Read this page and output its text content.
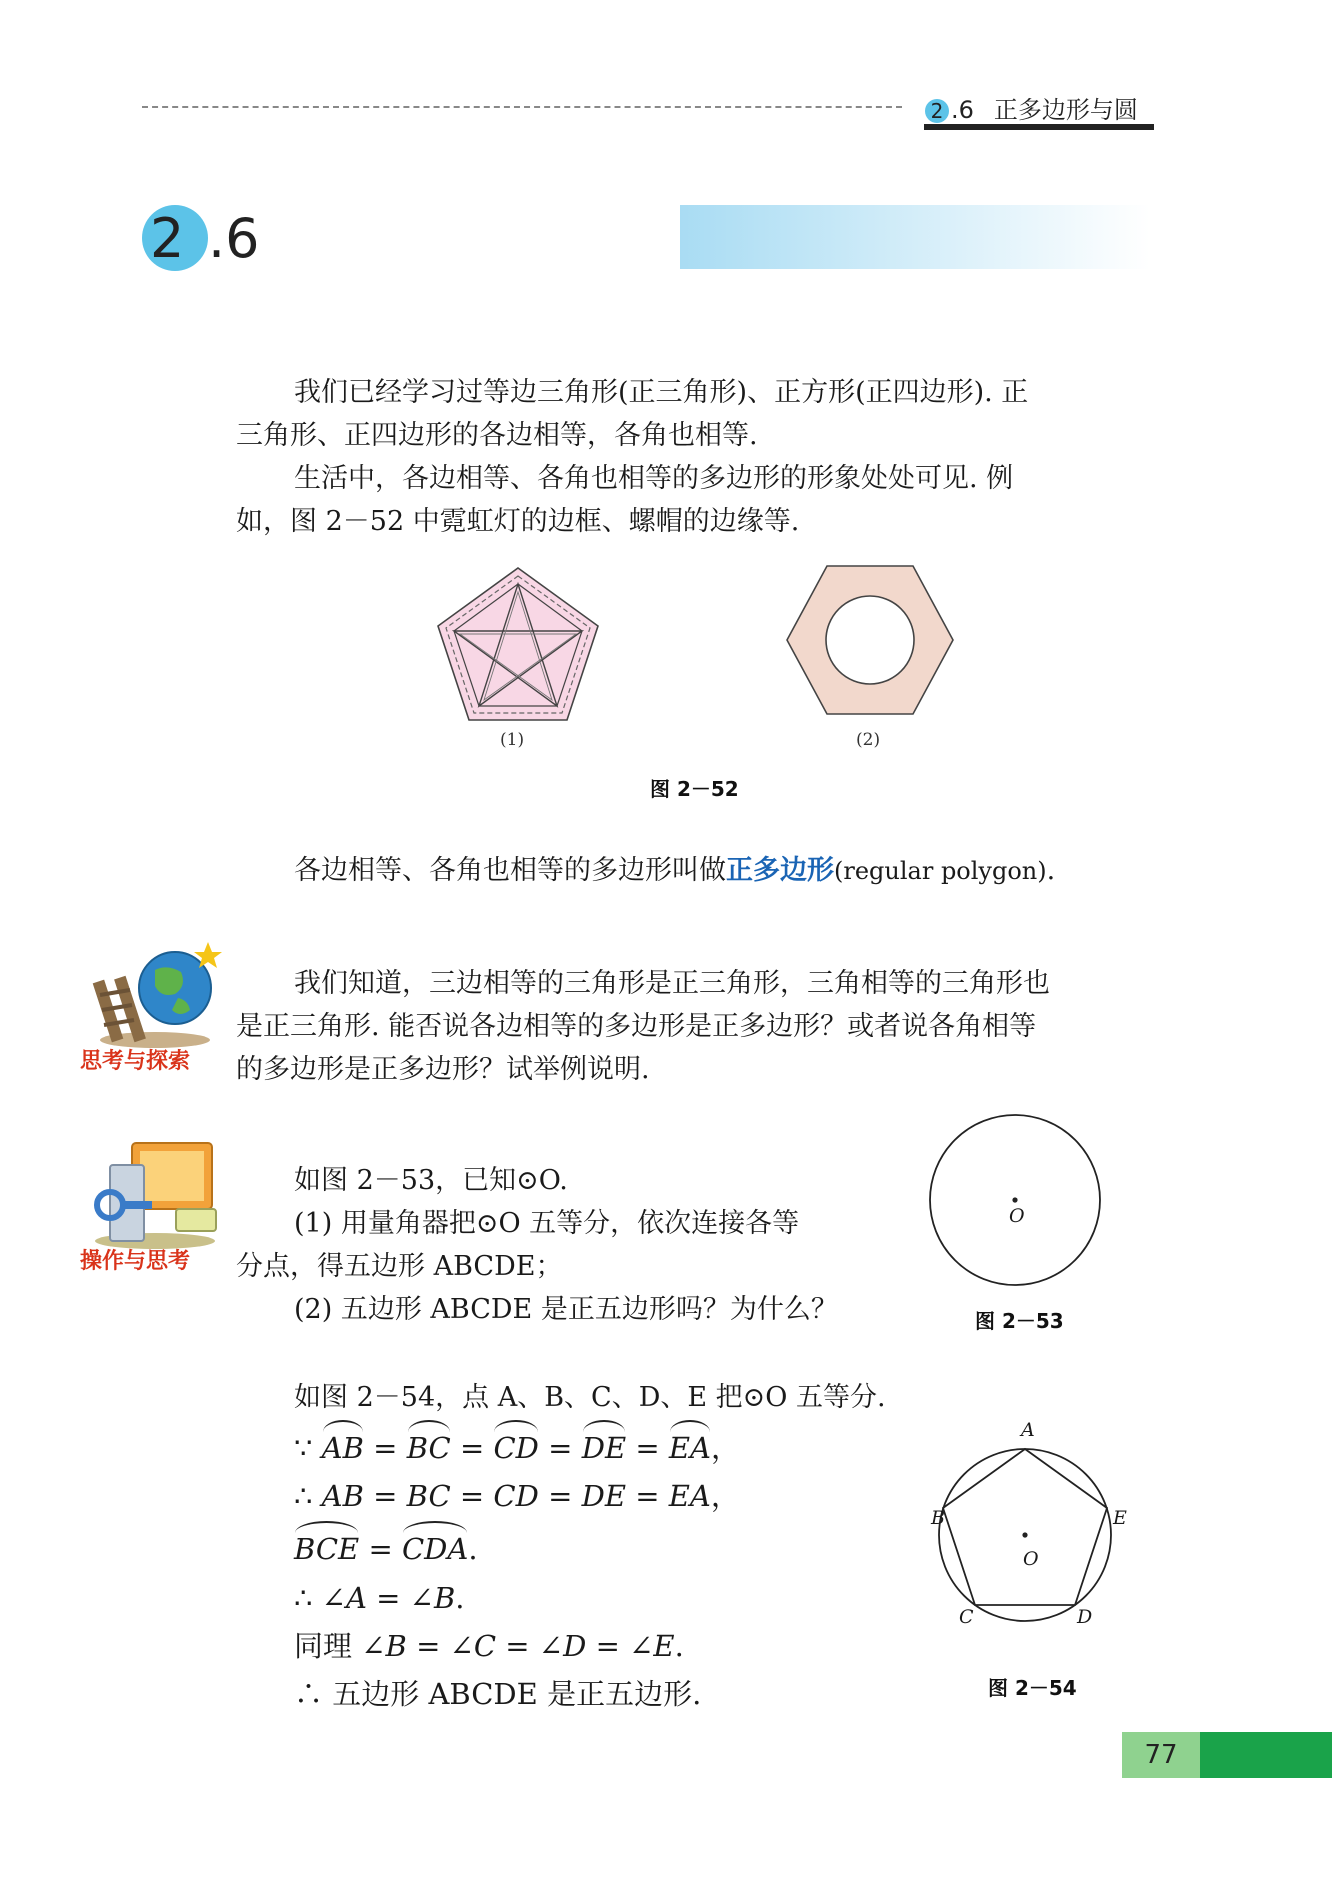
2 .6 正多边形与圆
2 .6
我们已经学习过等边三角形(正三角形)、正方形(正四边形). 正
三角形、正四边形的各边相等，各角也相等.
生活中，各边相等、各角也相等的多边形的形象处处可见. 例
如，图 2－52 中霓虹灯的边框、螺帽的边缘等.
(1)	(2)
图 2－52
各边相等、各角也相等的多边形叫做正多边形(regular polygon).
思考与探索
我们知道，三边相等的三角形是正三角形，三角相等的三角形也
是正三角形. 能否说各边相等的多边形是正多边形？或者说各角相等
的多边形是正多边形？试举例说明.
操作与思考
如图 2－53，已知⊙O.
(1) 用量角器把⊙O 五等分，依次连接各等
分点，得五边形 ABCDE；
(2) 五边形 ABCDE 是正五边形吗？为什么？
O
图 2－53
如图 2－54，点 A、B、C、D、E 把⊙O 五等分.
∵ AB = BC = CD = DE = EA，
∴ AB = BC = CD = DE = EA，
BCE = CDA.
∴ ∠A = ∠B.
同理 ∠B = ∠C = ∠D = ∠E.
∴ 五边形 ABCDE 是正五边形.
A
B
C	D
E
O
图 2－54
77
